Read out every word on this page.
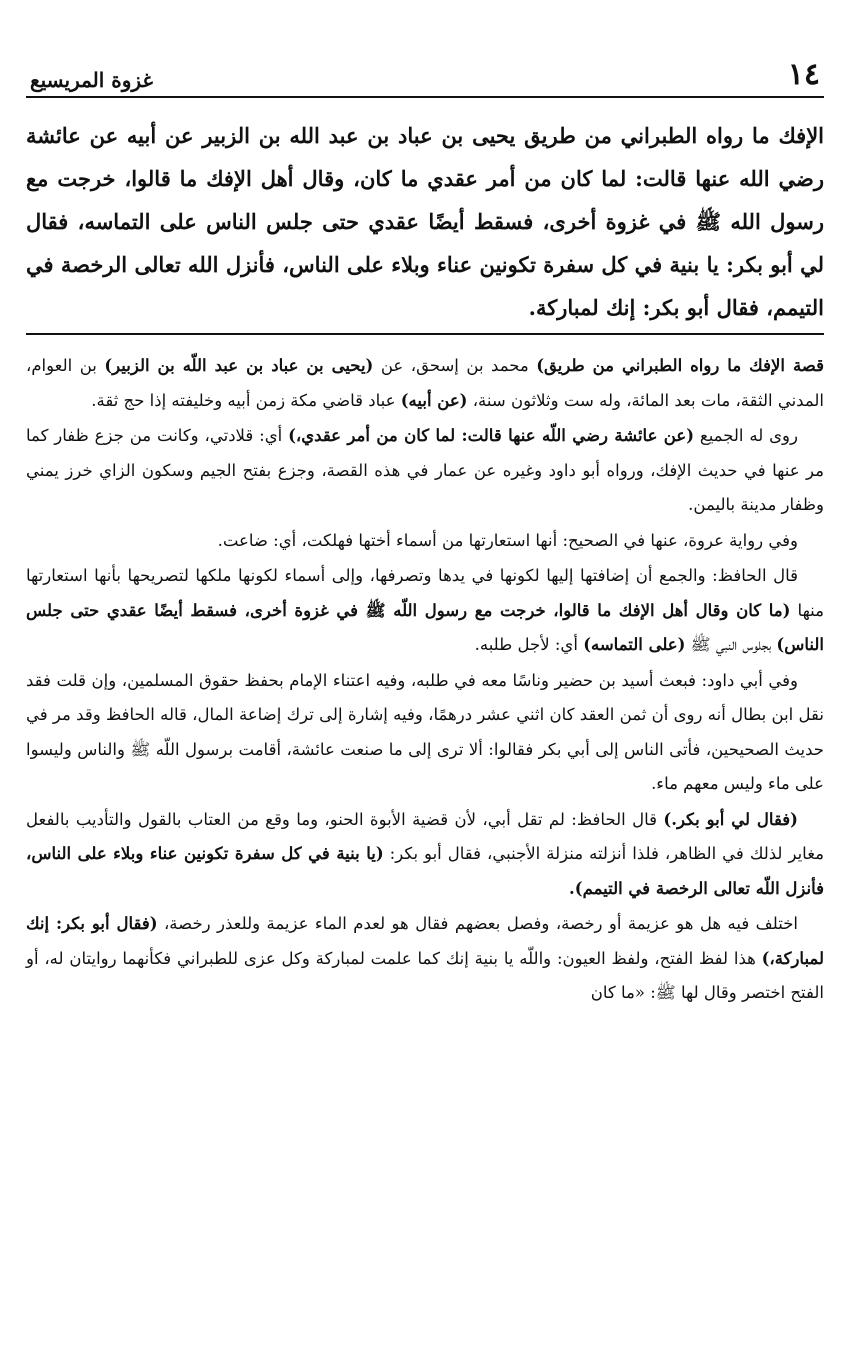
١٤
غزوة المريسيع

الإفك ما رواه الطبراني من طريق يحيى بن عباد بن عبد الله بن الزبير عن أبيه عن عائشة رضي الله عنها قالت: لما كان من أمر عقدي ما كان، وقال أهل الإفك ما قالوا، خرجت مع رسول الله ﷺ في غزوة أخرى، فسقط أيضًا عقدي حتى جلس الناس على التماسه، فقال لي أبو بكر: يا بنية في كل سفرة تكونين عناء وبلاء على الناس، فأنزل الله تعالى الرخصة في التيمم، فقال أبو بكر: إنك لمباركة.

قصة الإفك ما رواه الطبراني من طريق) محمد بن إسحق، عن (يحيى بن عباد بن عبد اللّه بن الزبير) بن العوام، المدني الثقة، مات بعد المائة، وله ست وثلاثون سنة، (عن أبيه) عباد قاضي مكة زمن أبيه وخليفته إذا حج ثقة.

روى له الجميع (عن عائشة رضي اللّه عنها قالت: لما كان من أمر عقدي،) أي: قلادتي، وكانت من جزع ظفار كما مر عنها في حديث الإفك، ورواه أبو داود وغيره عن عمار في هذه القصة، وجزع بفتح الجيم وسكون الزاي خرز يمني وظفار مدينة باليمن.

وفي رواية عروة، عنها في الصحيح: أنها استعارتها من أسماء أختها فهلكت، أي: ضاعت.

قال الحافظ: والجمع أن إضافتها إليها لكونها في يدها وتصرفها، وإلى أسماء لكونها ملكها لتصريحها بأنها استعارتها منها (ما كان وقال أهل الإفك ما قالوا، خرجت مع رسول اللّه ﷺ في غزوة أخرى، فسقط أيضًا عقدي حتى جلس الناس) بجلوس النبي ﷺ (على التماسه) أي: لأجل طلبه.

وفي أبي داود: فبعث أسيد بن حضير وناسًا معه في طلبه، وفيه اعتناء الإمام بحفظ حقوق المسلمين، وإن قلت فقد نقل ابن بطال أنه روى أن ثمن العقد كان اثني عشر درهمًا، وفيه إشارة إلى ترك إضاعة المال، قاله الحافظ وقد مر في حديث الصحيحين، فأتى الناس إلى أبي بكر فقالوا: ألا ترى إلى ما صنعت عائشة، أقامت برسول اللّه ﷺ والناس وليسوا على ماء وليس معهم ماء.

(فقال لي أبو بكر.) قال الحافظ: لم تقل أبي، لأن قضية الأبوة الحنو، وما وقع من العتاب بالقول والتأديب بالفعل مغاير لذلك في الظاهر، فلذا أنزلته منزلة الأجنبي، فقال أبو بكر: (يا بنية في كل سفرة تكونين عناء وبلاء على الناس، فأنزل اللّه تعالى الرخصة في التيمم).

اختلف فيه هل هو عزيمة أو رخصة، وفصل بعضهم فقال هو لعدم الماء عزيمة وللعذر رخصة، (فقال أبو بكر: إنك لمباركة،) هذا لفظ الفتح، ولفظ العيون: واللّه يا بنية إنك كما علمت لمباركة وكل عزى للطبراني فكأنهما روايتان له، أو الفتح اختصر وقال لها ﷺ: «ما كان
